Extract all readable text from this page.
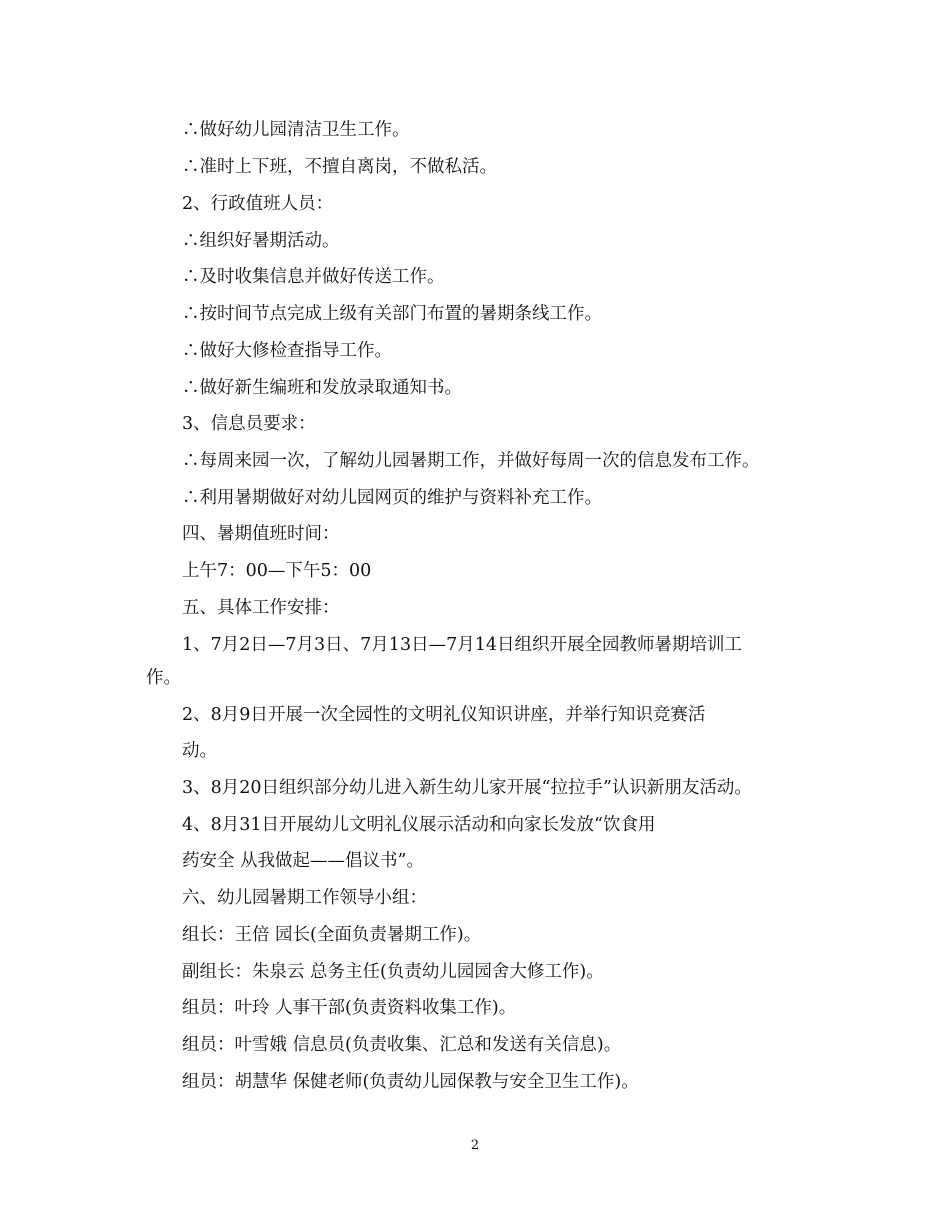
∴做好幼儿园清洁卫生工作。
∴准时上下班，不擅自离岗，不做私活。
2、行政值班人员：
∴组织好暑期活动。
∴及时收集信息并做好传送工作。
∴按时间节点完成上级有关部门布置的暑期条线工作。
∴做好大修检查指导工作。
∴做好新生编班和发放录取通知书。
3、信息员要求：
∴每周来园一次，了解幼儿园暑期工作，并做好每周一次的信息发布工作。
∴利用暑期做好对幼儿园网页的维护与资料补充工作。
四、暑期值班时间：
上午7：00—下午5：00
五、具体工作安排：
1、7月2日—7月3日、7月13日—7月14日组织开展全园教师暑期培训工
作。
2、8月9日开展一次全园性的文明礼仪知识讲座，并举行知识竞赛活
动。
3、8月20日组织部分幼儿进入新生幼儿家开展“拉拉手”认识新朋友活动。
4、8月31日开展幼儿文明礼仪展示活动和向家长发放“饮食用
药安全 从我做起——倡议书”。
六、幼儿园暑期工作领导小组：
组长：王倍 园长(全面负责暑期工作)。
副组长：朱泉云 总务主任(负责幼儿园园舍大修工作)。
组员：叶玲 人事干部(负责资料收集工作)。
组员：叶雪娥 信息员(负责收集、汇总和发送有关信息)。
组员：胡慧华 保健老师(负责幼儿园保教与安全卫生工作)。
2
